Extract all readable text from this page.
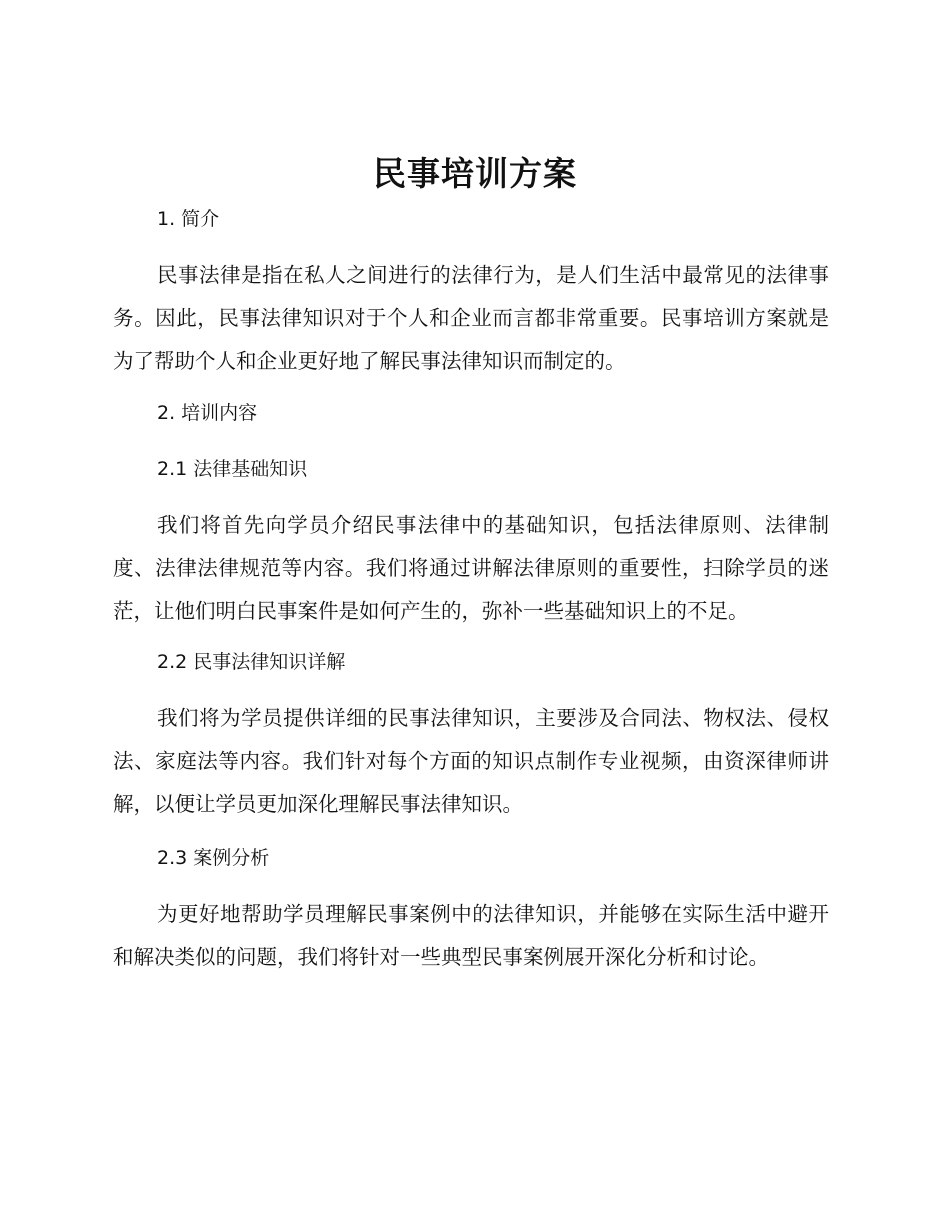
民事培训方案
1. 简介

民事法律是指在私人之间进行的法律行为，是人们生活中最常见的法律事务。因此，民事法律知识对于个人和企业而言都非常重要。民事培训方案就是为了帮助个人和企业更好地了解民事法律知识而制定的。

2. 培训内容
2.1 法律基础知识

我们将首先向学员介绍民事法律中的基础知识，包括法律原则、法律制度、法律法律规范等内容。我们将通过讲解法律原则的重要性，扫除学员的迷茫，让他们明白民事案件是如何产生的，弥补一些基础知识上的不足。

2.2 民事法律知识详解

我们将为学员提供详细的民事法律知识，主要涉及合同法、物权法、侵权法、家庭法等内容。我们针对每个方面的知识点制作专业视频，由资深律师讲解，以便让学员更加深化理解民事法律知识。

2.3 案例分析

为更好地帮助学员理解民事案例中的法律知识，并能够在实际生活中避开和解决类似的问题，我们将针对一些典型民事案例展开深化分析和讨论。
